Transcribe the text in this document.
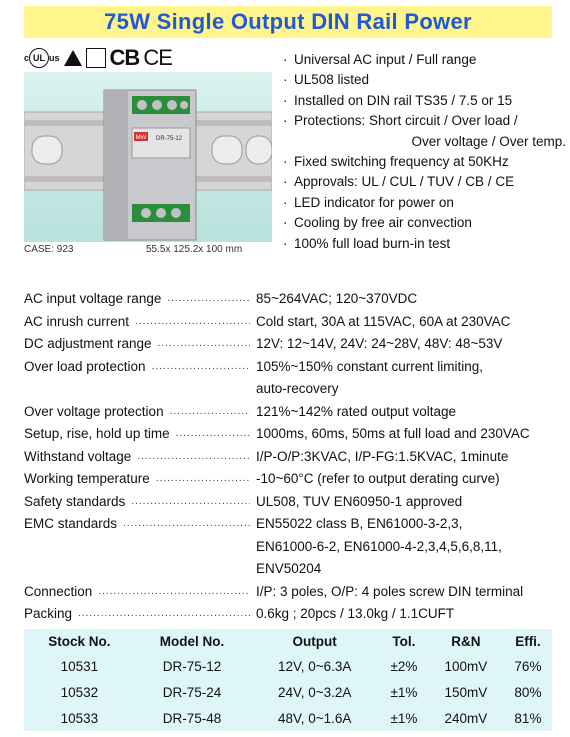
75W Single Output DIN Rail Power
c UL us CB CE
MW DR-75-12
CASE: 923	55.5x 125.2x 100 mm
· Universal AC input / Full range
· UL508 listed
· Installed on DIN rail TS35 / 7.5 or 15
· Protections: Short circuit / Over load /
Over voltage / Over temp.
· Fixed switching frequency at 50KHz
· Approvals: UL / CUL / TUV / CB / CE
· LED indicator for power on
· Cooling by free air convection
· 100% full load burn-in test
AC input voltage range .....	85~264VAC; 120~370VDC
AC inrush current .....	Cold start, 30A at 115VAC, 60A at 230VAC
DC adjustment range .....	12V: 12~14V, 24V: 24~28V, 48V: 48~53V
Over load protection .....	105%~150% constant current limiting,
auto-recovery
Over voltage protection .....	121%~142% rated output voltage
Setup, rise, hold up time .....	1000ms, 60ms, 50ms at full load and 230VAC
Withstand voltage .....	I/P-O/P:3KVAC, I/P-FG:1.5KVAC, 1minute
Working temperature .....	-10~60°C (refer to output derating curve)
Safety standards .....	UL508, TUV EN60950-1 approved
EMC standards .....	EN55022 class B, EN61000-3-2,3,
EN61000-6-2, EN61000-4-2,3,4,5,6,8,11,
ENV50204
Connection .....	I/P: 3 poles, O/P: 4 poles screw DIN terminal
Packing .....	0.6kg ; 20pcs / 13.0kg / 1.1CUFT
Stock No.	Model No.	Output	Tol.	R&N	Effi.
10531	DR-75-12	12V, 0~6.3A	±2%	100mV	76%
10532	DR-75-24	24V, 0~3.2A	±1%	150mV	80%
10533	DR-75-48	48V, 0~1.6A	±1%	240mV	81%
